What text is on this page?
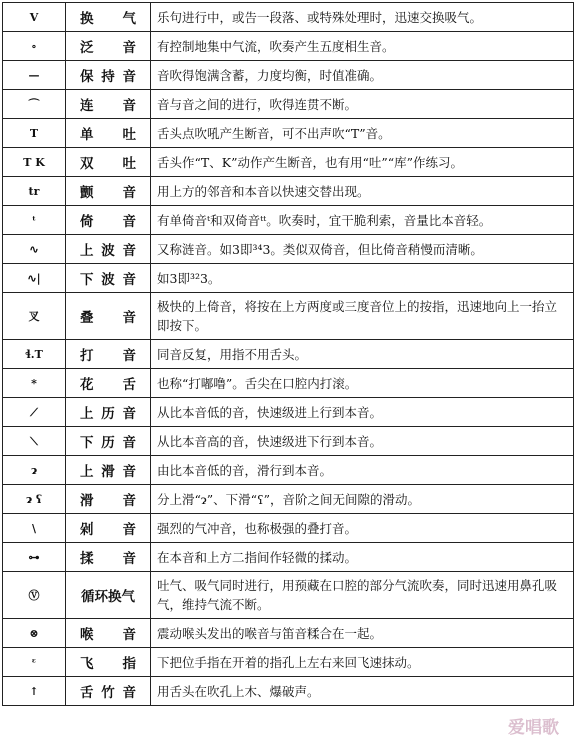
V	换 气	乐句进行中，或告一段落、或特殊处理时，迅速交换吸气。
∘	泛 音	有控制地集中气流，吹奏产生五度相生音。
—	保 持 音	音吹得饱满含蓄，力度均衡，时值准确。
⌒	连 音	音与音之间的进行，吹得连贯不断。
T	单 吐	舌头点吹吼产生断音，可不出声吹“T”音。
T K	双 吐	舌头作“T、K”动作产生断音，也有用“吐”“库”作练习。
tr	颤 音	用上方的邻音和本音以快速交替出现。
ᵗ	倚 音	有单倚音ᵗ和双倚音ᵗᵗ。吹奏时，宜干脆利索，音量比本音轻。
∿	上 波 音	又称涟音。如3即³⁴3。类似双倚音，但比倚音稍慢而清晰。
∿|	下 波 音	如3即³²3。
叉	叠 音	极快的上倚音，将按在上方两度或三度音位上的按指，迅速地向上一抬立即按下。
ɬ.T	打 音	同音反复，用指不用舌头。
*	花 舌	也称“打嘟噜”。舌尖在口腔内打滚。
⟋	上 历 音	从比本音低的音，快速级进上行到本音。
⟍	下 历 音	从比本音高的音，快速级进下行到本音。
ɂ	上 滑 音	由比本音低的音，滑行到本音。
ɂ ʕ	滑 音	分上滑“ɂ”、下滑“ʕ”，音阶之间无间隙的滑动。
\	剁 音	强烈的气冲音，也称极强的叠打音。
⊶	揉 音	在本音和上方二指间作轻微的揉动。
Ⓥ	循环换气	吐气、吸气同时进行，用预藏在口腔的部分气流吹奏，同时迅速用鼻孔吸气，维持气流不断。
⊗	喉 音	震动喉头发出的喉音与笛音糅合在一起。
ᵋ	飞 指	下把位手指在开着的指孔上左右来回飞速抹动。
↑	舌 竹 音	用舌头在吹孔上木、爆破声。
爱唱歌
